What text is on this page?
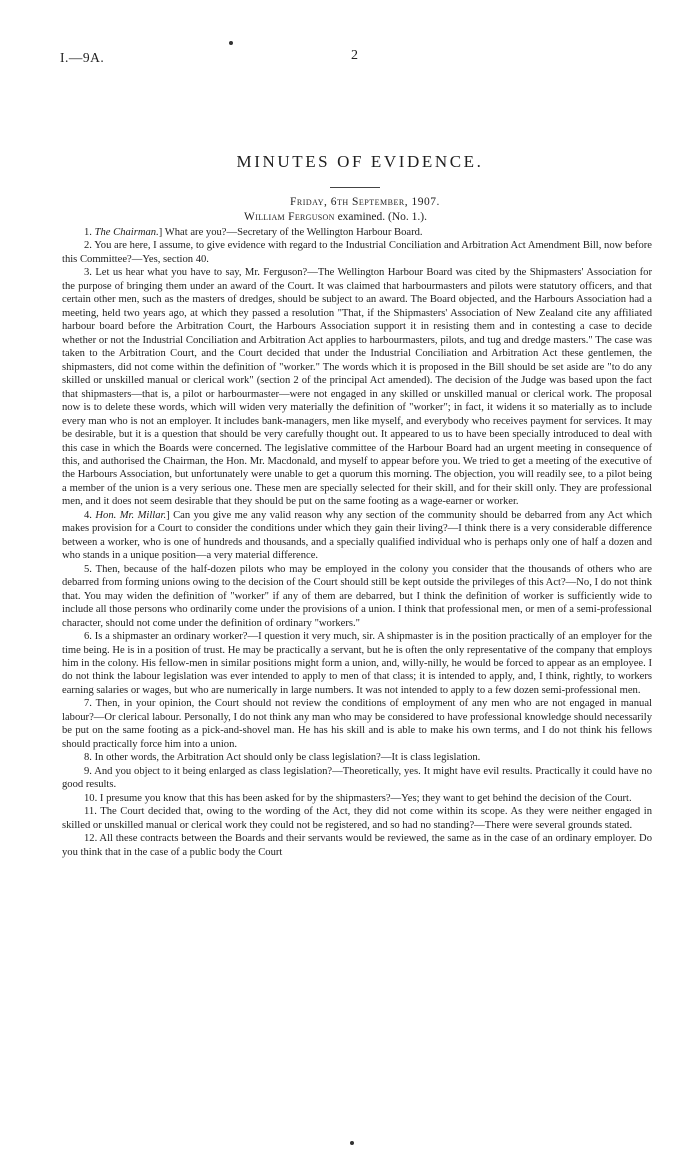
I.—9A.	2
MINUTES OF EVIDENCE.
Friday, 6th September, 1907.
William Ferguson examined. (No. 1.).

1. The Chairman.] What are you?—Secretary of the Wellington Harbour Board.

2. You are here, I assume, to give evidence with regard to the Industrial Conciliation and Arbitration Act Amendment Bill, now before this Committee?—Yes, section 40.

3. Let us hear what you have to say, Mr. Ferguson?—The Wellington Harbour Board was cited by the Shipmasters' Association for the purpose of bringing them under an award of the Court. It was claimed that harbourmasters and pilots were statutory officers, and that certain other men, such as the masters of dredges, should be subject to an award. The Board objected, and the Harbours Association had a meeting, held two years ago, at which they passed a resolution "That, if the Shipmasters' Association of New Zealand cite any affiliated harbour board before the Arbitration Court, the Harbours Association support it in resisting them and in contesting a case to decide whether or not the Industrial Conciliation and Arbitration Act applies to harbourmasters, pilots, and tug and dredge masters." The case was taken to the Arbitration Court, and the Court decided that under the Industrial Conciliation and Arbitration Act these gentlemen, the shipmasters, did not come within the definition of "worker." The words which it is proposed in the Bill should be set aside are "to do any skilled or unskilled manual or clerical work" (section 2 of the principal Act amended). The decision of the Judge was based upon the fact that shipmasters—that is, a pilot or harbourmaster—were not engaged in any skilled or unskilled manual or clerical work. The proposal now is to delete these words, which will widen very materially the definition of "worker"; in fact, it widens it so materially as to include every man who is not an employer. It includes bank-managers, men like myself, and everybody who receives payment for services. It may be desirable, but it is a question that should be very carefully thought out. It appeared to us to have been specially introduced to deal with this case in which the Boards were concerned. The legislative committee of the Harbour Board had an urgent meeting in consequence of this, and authorised the Chairman, the Hon. Mr. Macdonald, and myself to appear before you. We tried to get a meeting of the executive of the Harbours Association, but unfortunately were unable to get a quorum this morning. The objection, you will readily see, to a pilot being a member of the union is a very serious one. These men are specially selected for their skill, and for their skill only. They are professional men, and it does not seem desirable that they should be put on the same footing as a wage-earner or worker.

4. Hon. Mr. Millar.] Can you give me any valid reason why any section of the community should be debarred from any Act which makes provision for a Court to consider the conditions under which they gain their living?—I think there is a very considerable difference between a worker, who is one of hundreds and thousands, and a specially qualified individual who is perhaps only one of half a dozen and who stands in a unique position—a very material difference.

5. Then, because of the half-dozen pilots who may be employed in the colony you consider that the thousands of others who are debarred from forming unions owing to the decision of the Court should still be kept outside the privileges of this Act?—No, I do not think that. You may widen the definition of "worker" if any of them are debarred, but I think the definition of worker is sufficiently wide to include all those persons who ordinarily come under the provisions of a union. I think that professional men, or men of a semi-professional character, should not come under the definition of ordinary "workers."

6. Is a shipmaster an ordinary worker?—I question it very much, sir. A shipmaster is in the position practically of an employer for the time being. He is in a position of trust. He may be practically a servant, but he is often the only representative of the company that employs him in the colony. His fellow-men in similar positions might form a union, and, willy-nilly, he would be forced to appear as an employee. I do not think the labour legislation was ever intended to apply to men of that class; it is intended to apply, and, I think, rightly, to workers earning salaries or wages, but who are numerically in large numbers. It was not intended to apply to a few dozen semi-professional men.

7. Then, in your opinion, the Court should not review the conditions of employment of any men who are not engaged in manual labour?—Or clerical labour. Personally, I do not think any man who may be considered to have professional knowledge should necessarily be put on the same footing as a pick-and-shovel man. He has his skill and is able to make his own terms, and I do not think his fellows should practically force him into a union.

8. In other words, the Arbitration Act should only be class legislation?—It is class legislation.

9. And you object to it being enlarged as class legislation?—Theoretically, yes. It might have evil results. Practically it could have no good results.

10. I presume you know that this has been asked for by the shipmasters?—Yes; they want to get behind the decision of the Court.

11. The Court decided that, owing to the wording of the Act, they did not come within its scope. As they were neither engaged in skilled or unskilled manual or clerical work they could not be registered, and so had no standing?—There were several grounds stated.

12. All these contracts between the Boards and their servants would be reviewed, the same as in the case of an ordinary employer. Do you think that in the case of a public body the Court
